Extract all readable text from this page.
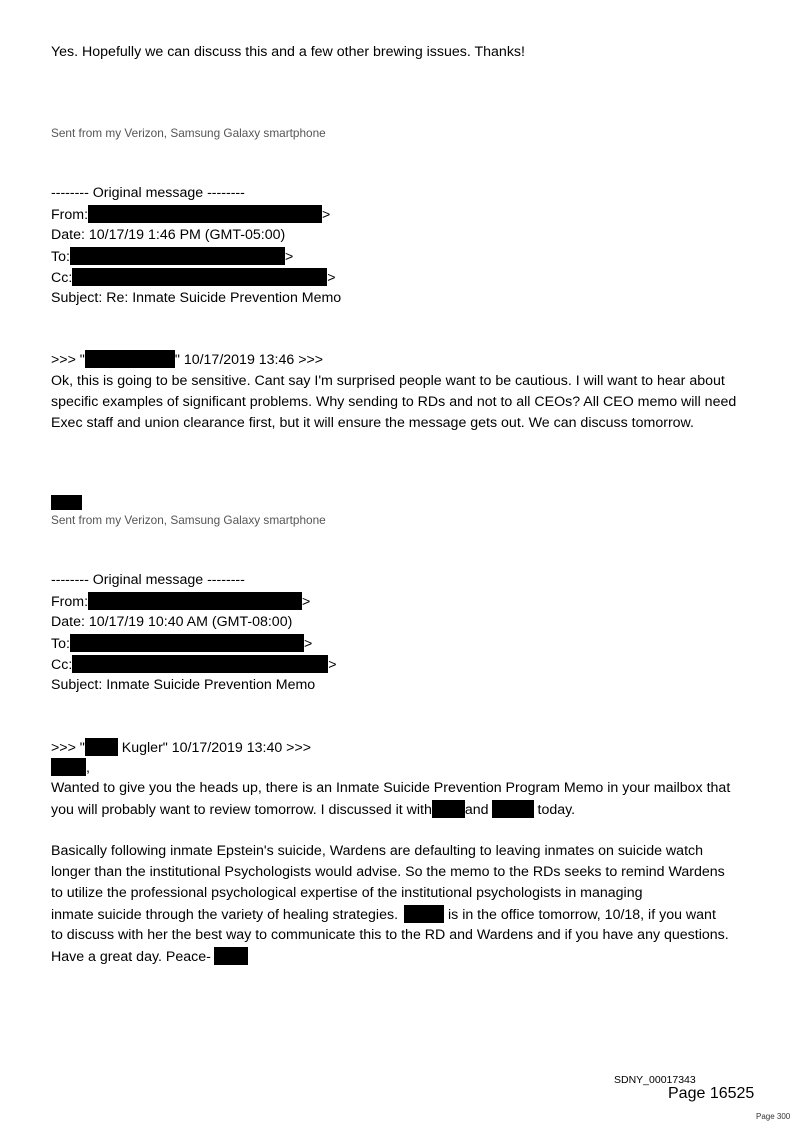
Yes. Hopefully we can discuss this and a few other brewing issues. Thanks!
Sent from my Verizon, Samsung Galaxy smartphone
-------- Original message --------
From:	>
Date: 10/17/19 1:46 PM (GMT-05:00)
To:	>
Cc:	>
Subject: Re: Inmate Suicide Prevention Memo
>>> "	" 10/17/2019 13:46 >>>
Ok, this is going to be sensitive. Cant say I'm surprised people want to be cautious. I will want to hear about
specific examples of significant problems. Why sending to RDs and not to all CEOs? All CEO memo will need
Exec staff and union clearance first, but it will ensure the message gets out. We can discuss tomorrow.
Sent from my Verizon, Samsung Galaxy smartphone
-------- Original message --------
From:	>
Date: 10/17/19 10:40 AM (GMT-08:00)
To:	>
Cc:	>
Subject: Inmate Suicide Prevention Memo
>>> " Kugler" 10/17/2019 13:40 >>>
,
Wanted to give you the heads up, there is an Inmate Suicide Prevention Program Memo in your mailbox that
you will probably want to review tomorrow. I discussed it with and	today.
Basically following inmate Epstein's suicide, Wardens are defaulting to leaving inmates on suicide watch
longer than the institutional Psychologists would advise. So the memo to the RDs seeks to remind Wardens
to utilize the professional psychological expertise of the institutional psychologists in managing
inmate suicide through the variety of healing strategies.	is in the office tomorrow, 10/18, if you want
to discuss with her the best way to communicate this to the RD and Wardens and if you have any questions.
Have a great day. Peace-
SDNY_00017343
Page 16525
Page 300
